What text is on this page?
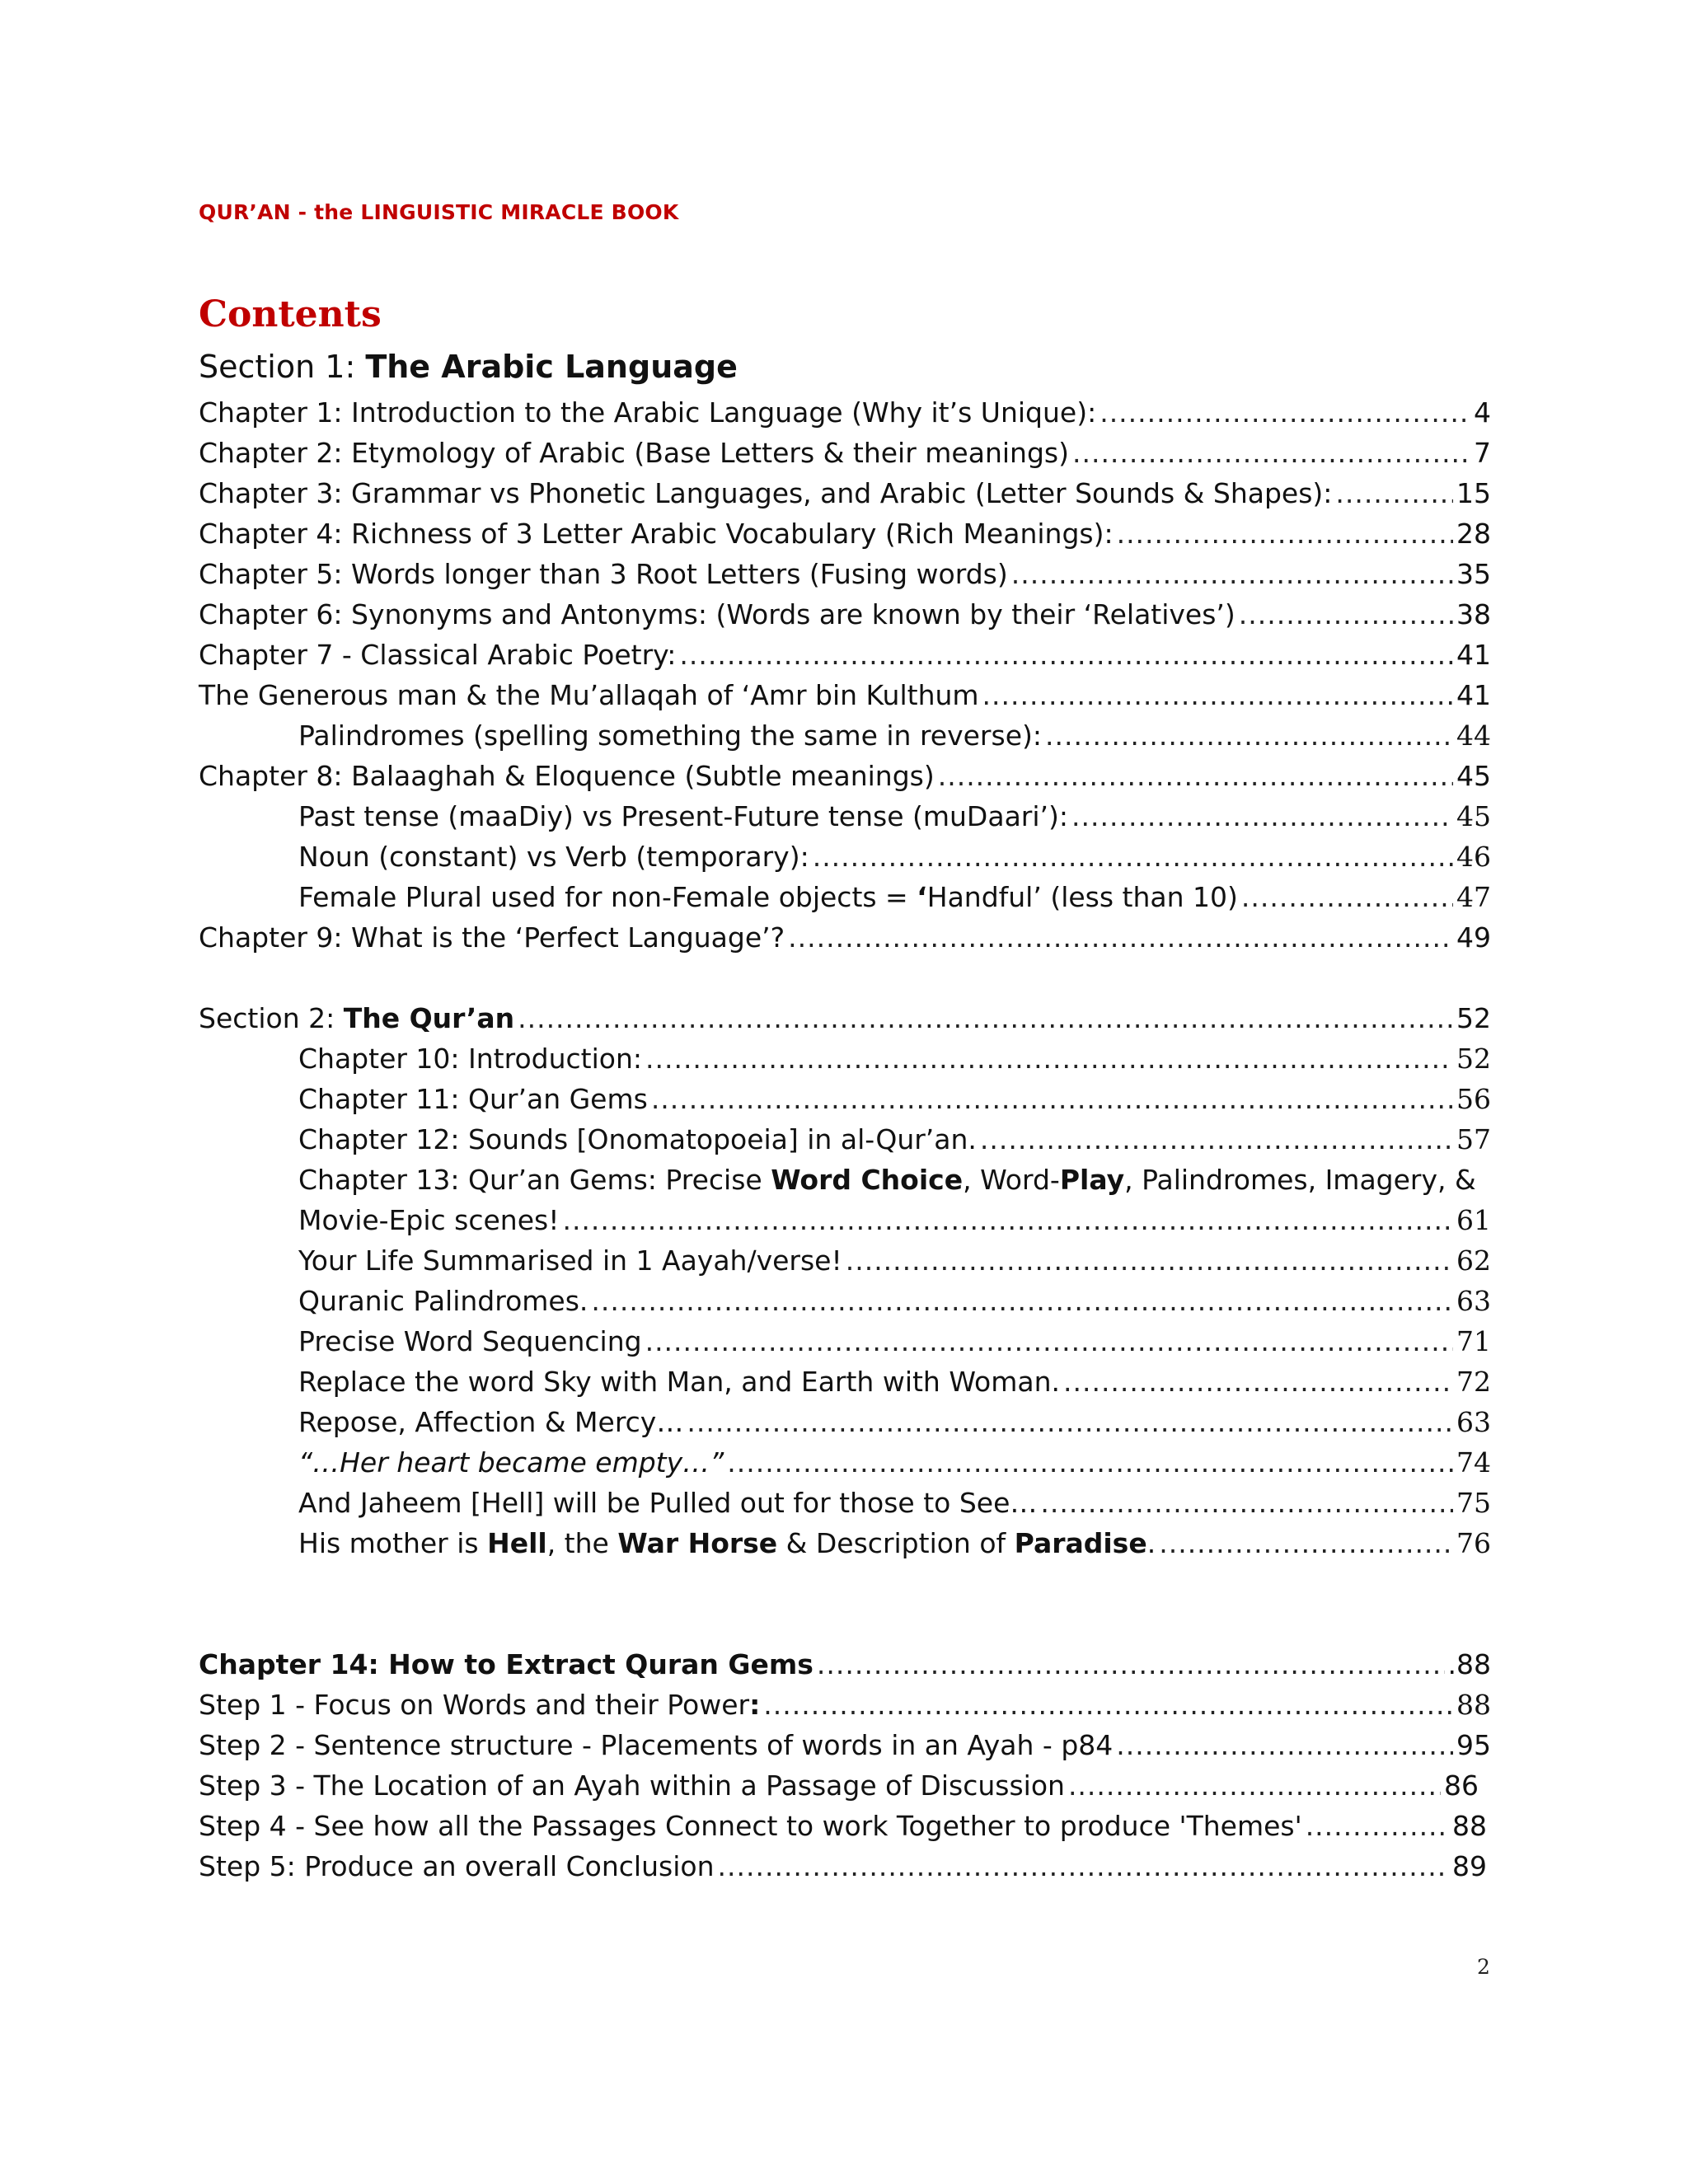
QUR’AN - the LINGUISTIC MIRACLE BOOK
Contents
Section 1: The Arabic Language
Chapter 1: Introduction to the Arabic Language (Why it’s Unique): .....	4
Chapter 2: Etymology of Arabic (Base Letters & their meanings) .....	7
Chapter 3: Grammar vs Phonetic Languages, and Arabic (Letter Sounds & Shapes): .....	15
Chapter 4: Richness of 3 Letter Arabic Vocabulary (Rich Meanings): .....	28
Chapter 5: Words longer than 3 Root Letters (Fusing words) .....	35
Chapter 6: Synonyms and Antonyms: (Words are known by their ‘Relatives’) .....	38
Chapter 7 - Classical Arabic Poetry: .....	41
The Generous man & the Mu’allaqah of ‘Amr bin Kulthum .....	41
Palindromes (spelling something the same in reverse): .....	44
Chapter 8: Balaaghah & Eloquence (Subtle meanings) .....	45
Past tense (maaDiy) vs Present-Future tense (muDaari’): .....	45
Noun (constant) vs Verb (temporary): .....	46
Female Plural used for non-Female objects = ‘Handful’ (less than 10) .....	47
Chapter 9: What is the ‘Perfect Language’? .....	49
Section 2: The Qur’an .....	52
Chapter 10: Introduction: .....	52
Chapter 11: Qur’an Gems .....	56
Chapter 12: Sounds [Onomatopoeia] in al-Qur’an. .....	57
Chapter 13: Qur’an Gems: Precise Word Choice, Word-Play, Palindromes, Imagery, &
Movie-Epic scenes! .....	61
Your Life Summarised in 1 Aayah/verse! .....	62
Quranic Palindromes. .....	63
Precise Word Sequencing .....	71
Replace the word Sky with Man, and Earth with Woman. .....	72
Repose, Affection & Mercy… .....	63
“…Her heart became empty…” .....	74
And Jaheem [Hell] will be Pulled out for those to See… .....	75
His mother is Hell, the War Horse & Description of Paradise. .....	76
Chapter 14: How to Extract Quran Gems .....	.88
Step 1 - Focus on Words and their Power: .....	88
Step 2 - Sentence structure - Placements of words in an Ayah - p84 .....	95
Step 3 - The Location of an Ayah within a Passage of Discussion .....	86
Step 4 - See how all the Passages Connect to work Together to produce 'Themes' .....	88
Step 5: Produce an overall Conclusion .....	89
2
